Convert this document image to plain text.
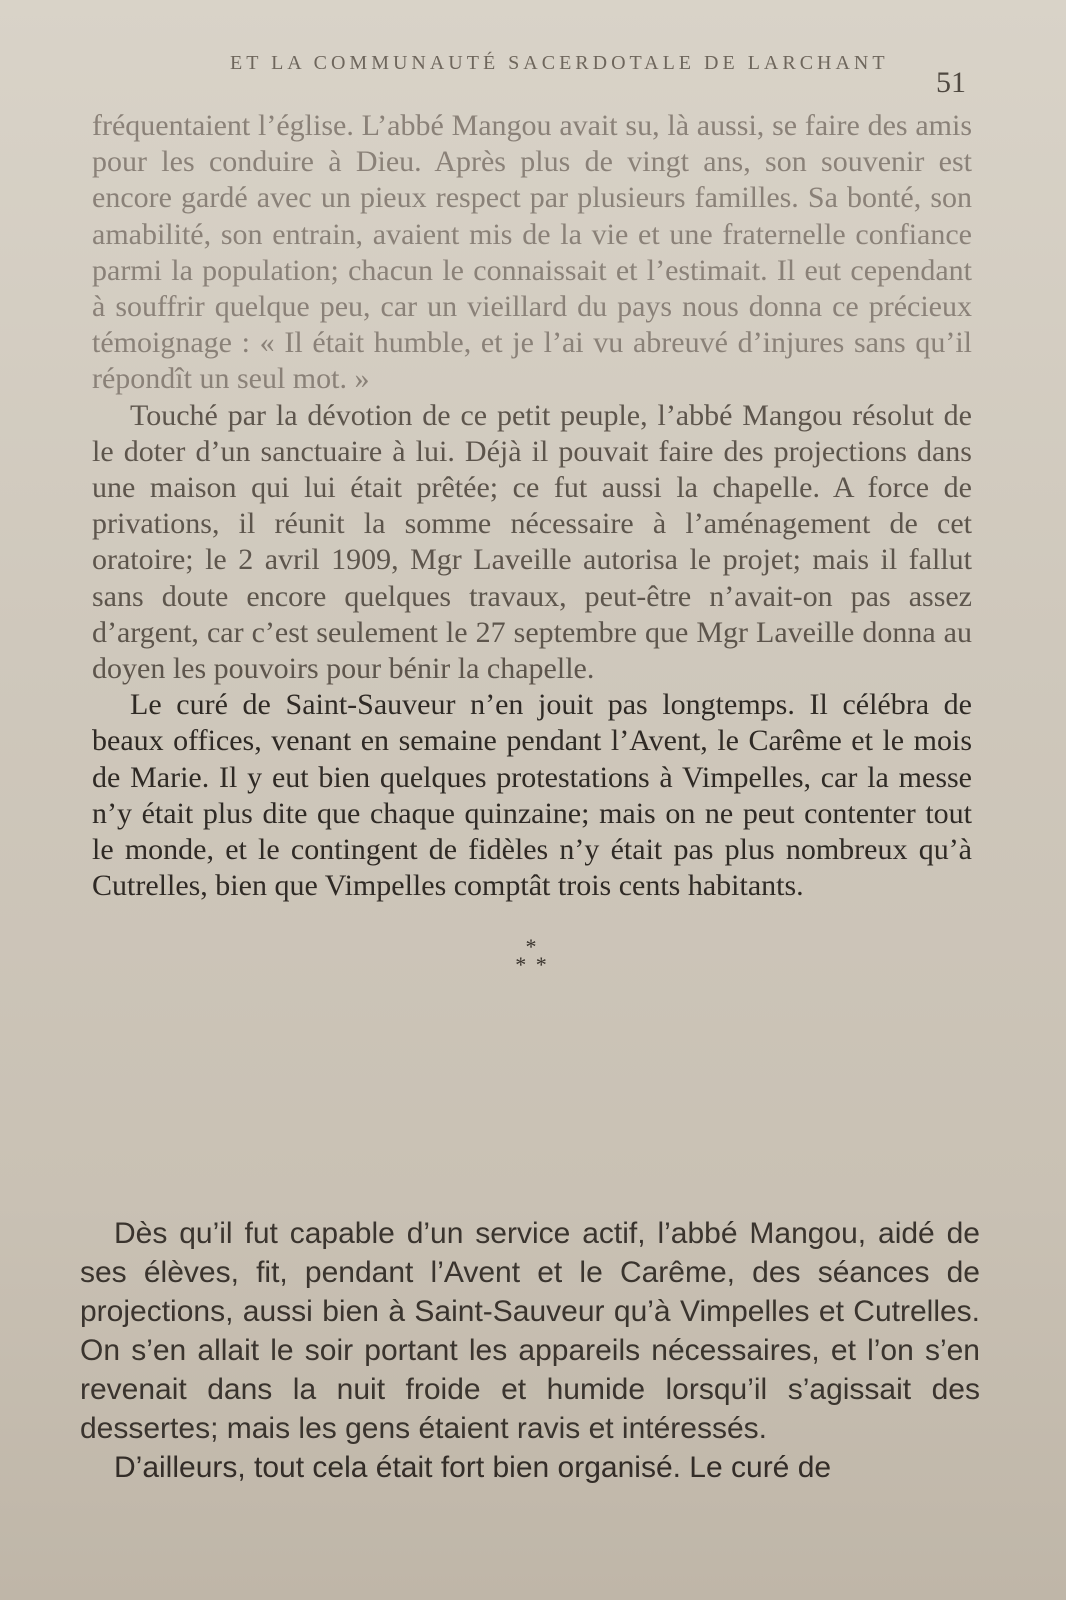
ET LA COMMUNAUTÉ SACERDOTALE DE LARCHANT
51

fréquentaient l’église. L’abbé Mangou avait su, là aussi, se faire des amis pour les conduire à Dieu. Après plus de vingt ans, son souvenir est encore gardé avec un pieux respect par plusieurs familles. Sa bonté, son amabilité, son entrain, avaient mis de la vie et une fraternelle confiance parmi la population; chacun le connaissait et l’estimait. Il eut cependant à souffrir quelque peu, car un vieillard du pays nous donna ce précieux témoignage : « Il était humble, et je l’ai vu abreuvé d’injures sans qu’il répondît un seul mot. »

Touché par la dévotion de ce petit peuple, l’abbé Mangou résolut de le doter d’un sanctuaire à lui. Déjà il pouvait faire des projections dans une maison qui lui était prêtée; ce fut aussi la chapelle. A force de privations, il réunit la somme nécessaire à l’aménagement de cet oratoire; le 2 avril 1909, Mgr Laveille autorisa le projet; mais il fallut sans doute encore quelques travaux, peut-être n’avait-on pas assez d’argent, car c’est seulement le 27 septembre que Mgr Laveille donna au doyen les pouvoirs pour bénir la chapelle.

Le curé de Saint-Sauveur n’en jouit pas longtemps. Il célébra de beaux offices, venant en semaine pendant l’Avent, le Carême et le mois de Marie. Il y eut bien quelques protestations à Vimpelles, car la messe n’y était plus dite que chaque quinzaine; mais on ne peut contenter tout le monde, et le contingent de fidèles n’y était pas plus nombreux qu’à Cutrelles, bien que Vimpelles comptât trois cents habitants.

*
* *

Dès qu’il fut capable d’un service actif, l’abbé Mangou, aidé de ses élèves, fit, pendant l’Avent et le Carême, des séances de projections, aussi bien à Saint-Sauveur qu’à Vimpelles et Cutrelles. On s’en allait le soir portant les appareils nécessaires, et l’on s’en revenait dans la nuit froide et humide lorsqu’il s’agissait des dessertes; mais les gens étaient ravis et intéressés.

D’ailleurs, tout cela était fort bien organisé. Le curé de
